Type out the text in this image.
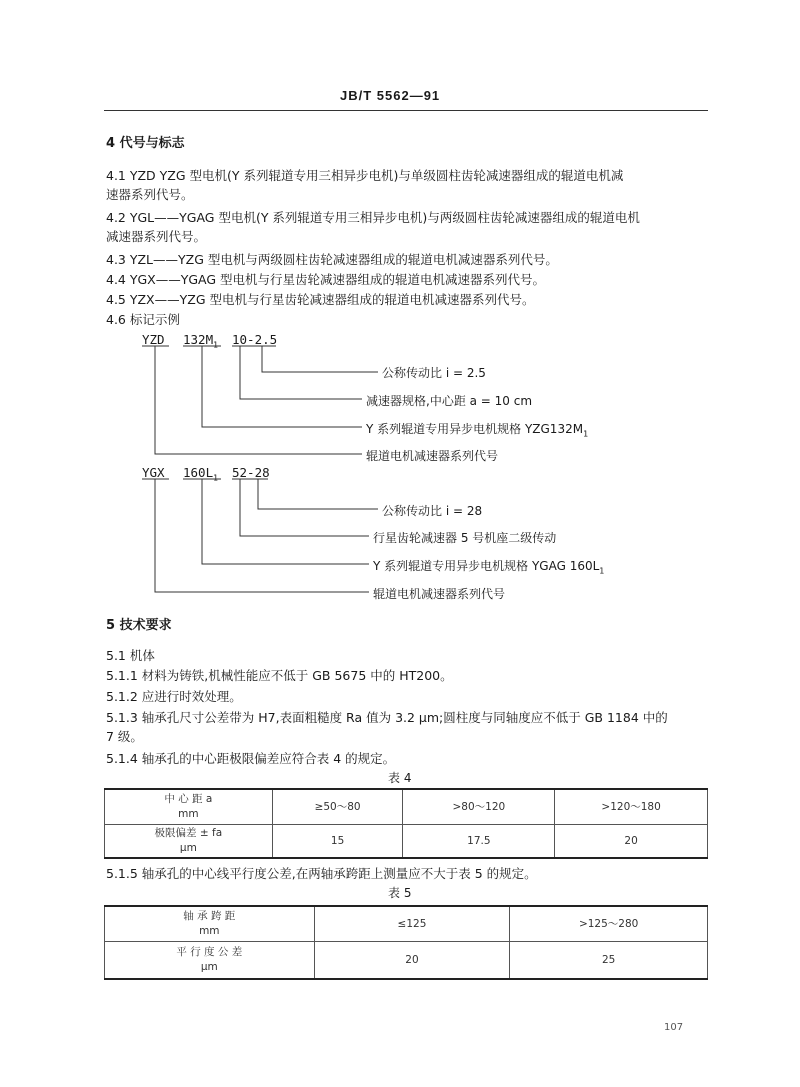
JB/T 5562—91
4 代号与标志
4.1 YZD YZG 型电机(Y 系列辊道专用三相异步电机)与单级圆柱齿轮减速器组成的辊道电机减
速器系列代号。
4.2 YGL——YGAG 型电机(Y 系列辊道专用三相异步电机)与两级圆柱齿轮减速器组成的辊道电机
减速器系列代号。
4.3 YZL——YZG 型电机与两级圆柱齿轮减速器组成的辊道电机减速器系列代号。
4.4 YGX——YGAG 型电机与行星齿轮减速器组成的辊道电机减速器系列代号。
4.5 YZX——YZG 型电机与行星齿轮减速器组成的辊道电机减速器系列代号。
4.6 标记示例
YZD $132M_1$ 10-2.5
公称传动比 i = 2.5
减速器规格,中心距 a = 10 cm
Y 系列辊道专用异步电机规格 $YZG132M_1$
辊道电机减速器系列代号
YGX $160L_1$ 52-28
公称传动比 i = 28
行星齿轮减速器 5 号机座二级传动
Y 系列辊道专用异步电机规格 YGAG $160L_1$
辊道电机减速器系列代号
5 技术要求
5.1 机体
5.1.1 材料为铸铁,机械性能应不低于 GB 5675 中的 HT200。
5.1.2 应进行时效处理。
5.1.3 轴承孔尺寸公差带为 H7,表面粗糙度 Ra 值为 3.2 μm;圆柱度与同轴度应不低于 GB 1184 中的
7 级。
5.1.4 轴承孔的中心距极限偏差应符合表 4 的规定。
表 4
中 心 距 a
mm	≥50～80	>80～120	>120～180

极限偏差 ± fa
μm	15	17.5	20
5.1.5 轴承孔的中心线平行度公差,在两轴承跨距上测量应不大于表 5 的规定。
表 5
轴 承 跨 距
mm	≤125	>125～280

平 行 度 公 差
μm	20	25
107
